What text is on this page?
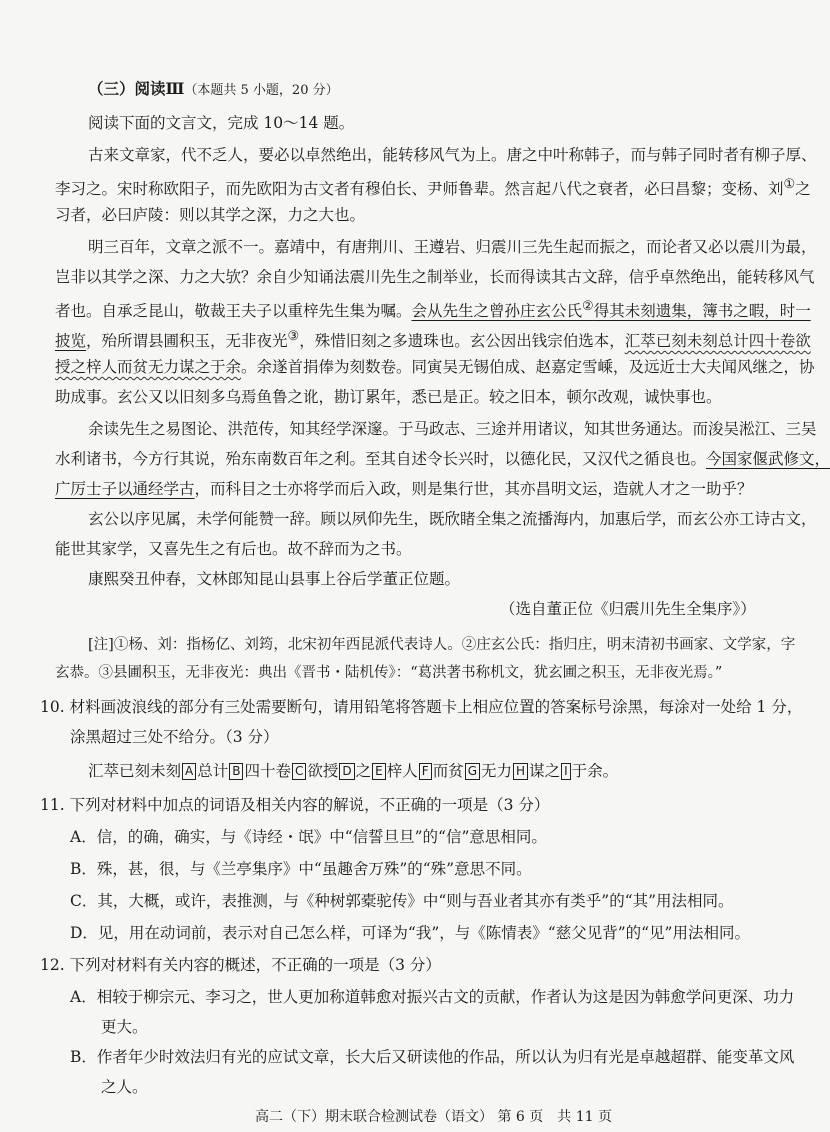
（三）阅读Ⅲ（本题共 5 小题，20 分）

阅读下面的文言文，完成 10～14 题。

古来文章家，代不乏人，要必以卓然绝出，能转移风气为上。唐之中叶称韩子，而与韩子同时者有柳子厚、

李习之。宋时称欧阳子，而先欧阳为古文者有穆伯长、尹师鲁辈。然言起八代之衰者，必曰昌黎；变杨、刘①之

习者，必曰庐陵：则以其学之深，力之大也。

明三百年，文章之派不一。嘉靖中，有唐荆川、王遵岩、归震川三先生起而振之，而论者又必以震川为最，

岂非以其学之深、力之大欤？余自少知诵法震川先生之制举业，长而得读其古文辞，信乎卓然绝出，能转移风气

者也。自承乏昆山，敬裁王夫子以重梓先生集为嘱。会从先生之曾孙庄玄公氏②得其未刻遗集，簿书之暇，时一

披览，殆所谓县圃积玉，无非夜光③，殊惜旧刻之多遗珠也。玄公因出钱宗伯选本，汇萃已刻未刻总计四十卷欲

授之梓人而贫无力谋之于余。余遂首捐俸为刻数卷。同寅吴无锡伯成、赵嘉定雪嵊，及远近士大夫闻风继之，协

助成事。玄公又以旧刻多乌焉鱼鲁之讹，勘订累年，悉已是正。较之旧本，顿尔改观，诚快事也。

余读先生之易图论、洪范传，知其经学深邃。于马政志、三途并用诸议，知其世务通达。而浚吴淞江、三吴

水利诸书，今方行其说，殆东南数百年之利。至其自述令长兴时，以德化民，又汉代之循良也。今国家偃武修文，

广厉士子以通经学古，而科目之士亦将学而后入政，则是集行世，其亦昌明文运，造就人才之一助乎？

玄公以序见属，未学何能赞一辞。顾以夙仰先生，既欣睹全集之流播海内，加惠后学，而玄公亦工诗古文，

能世其家学，又喜先生之有后也。故不辞而为之书。

康熙癸丑仲春，文林郎知昆山县事上谷后学董正位题。

（选自董正位《归震川先生全集序》）

[注]①杨、刘：指杨亿、刘筠，北宋初年西昆派代表诗人。②庄玄公氏：指归庄，明末清初书画家、文学家，字

玄恭。③县圃积玉，无非夜光：典出《晋书・陆机传》：“葛洪著书称机文，犹玄圃之积玉，无非夜光焉。”

10. 材料画波浪线的部分有三处需要断句，请用铅笔将答题卡上相应位置的答案标号涂黑，每涂对一处给 1 分，

涂黑超过三处不给分。（3 分）

汇萃已刻未刻 A 总计 B 四十卷 C 欲授 D 之 E 梓人 F 而贫 G 无力 H 谋之 I 于余。

11. 下列对材料中加点的词语及相关内容的解说，不正确的一项是（3 分）

A．信，的确，确实，与《诗经・氓》中“信誓旦旦”的“信”意思相同。

B．殊，甚，很，与《兰亭集序》中“虽趣舍万殊”的“殊”意思不同。

C．其，大概，或许，表推测，与《种树郭橐驼传》中“则与吾业者其亦有类乎”的“其”用法相同。

D．见，用在动词前，表示对自己怎么样，可译为“我”，与《陈情表》“慈父见背”的“见”用法相同。

12. 下列对材料有关内容的概述，不正确的一项是（3 分）

A．相较于柳宗元、李习之，世人更加称道韩愈对振兴古文的贡献，作者认为这是因为韩愈学问更深、功力

更大。

B．作者年少时效法归有光的应试文章，长大后又研读他的作品，所以认为归有光是卓越超群、能变革文风

之人。

高二（下）期末联合检测试卷（语文） 第 6 页　共 11 页
